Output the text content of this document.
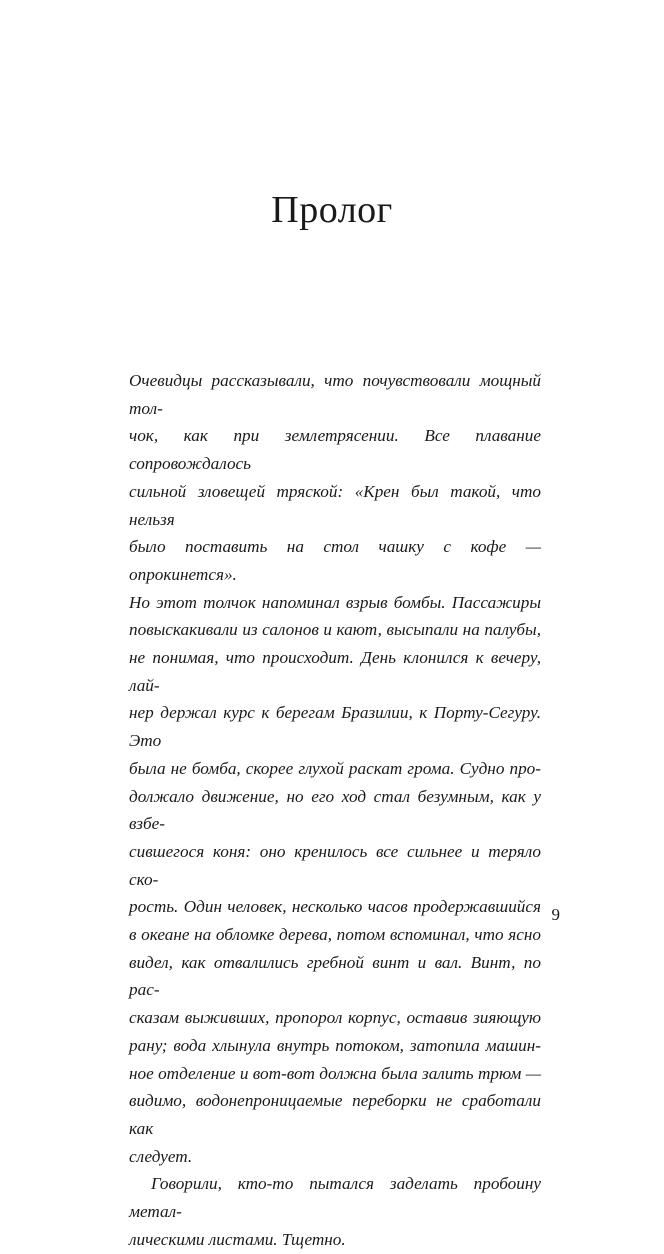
Пролог
Очевидцы рассказывали, что почувствовали мощный тол-
чок, как при землетрясении. Все плавание сопровождалось
сильной зловещей тряской: «Крен был такой, что нельзя
было поставить на стол чашку с кофе — опрокинется».
Но этот толчок напоминал взрыв бомбы. Пассажиры
повыскакивали из салонов и кают, высыпали на палубы,
не понимая, что происходит. День клонился к вечеру, лай-
нер держал курс к берегам Бразилии, к Порту-Сегуру. Это
была не бомба, скорее глухой раскат грома. Судно про-
должало движение, но его ход стал безумным, как у взбе-
сившегося коня: оно кренилось все сильнее и теряло ско-
рость. Один человек, несколько часов продержавшийся
в океане на обломке дерева, потом вспоминал, что ясно
видел, как отвалились гребной винт и вал. Винт, по рас-
сказам выживших, пропорол корпус, оставив зияющую
рану; вода хлынула внутрь потоком, затопила машин-
ное отделение и вот-вот должна была залить трюм —
видимо, водонепроницаемые переборки не сработали как
следует.
Говорили, кто-то пытался заделать пробоину метал-
лическими листами. Тщетно.
9
